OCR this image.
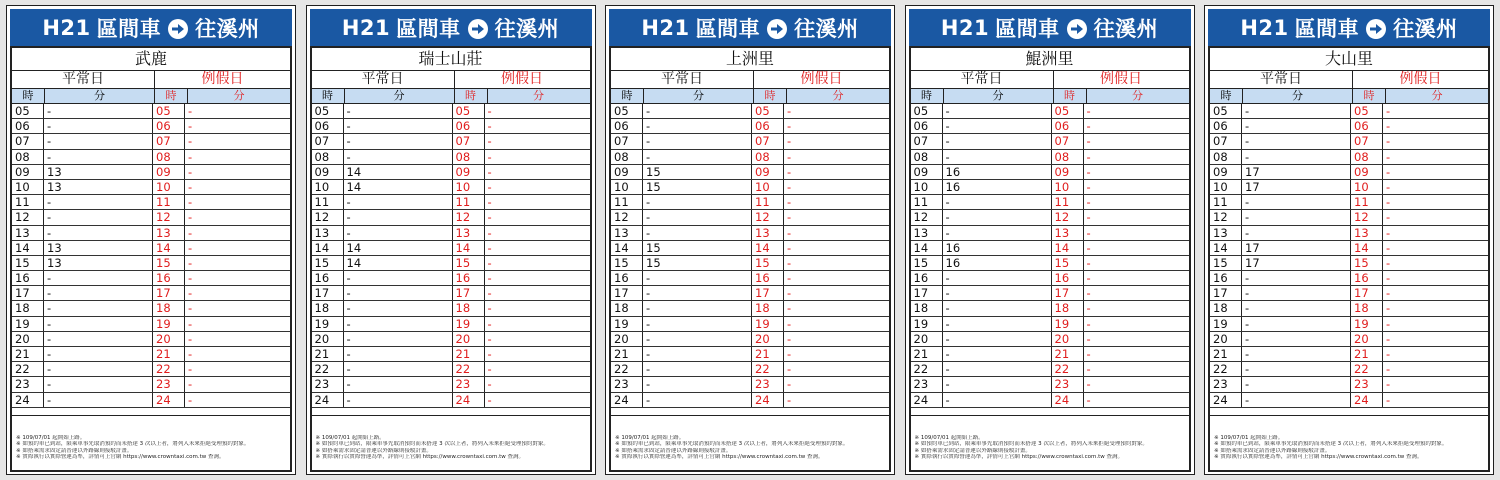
H21 區間車 往溪州
武鹿
平常日	例假日
時	分	時	分
05	-	05	-
06	-	06	-
07	-	07	-
08	-	08	-
09	13	09	-
10	13	10	-
11	-	11	-
12	-	12	-
13	-	13	-
14	13	14	-
15	13	15	-
16	-	16	-
17	-	17	-
18	-	18	-
19	-	19	-
20	-	20	-
21	-	21	-
22	-	22	-
23	-	23	-
24	-	24	-
※ 109/07/01 起開始上路。
※ 如預約車已到站，限乘車事先取消預約而未搭達 3 次以上者，將列入未來拒絕受理預約對象。
※ 如搭乘需求固定請普運以外路線則接駁計畫。
※ 實際執行以實際營運為準，詳情可上官網 https://www.crowntaxi.com.tw 查詢。
H21 區間車 往溪州
瑞士山莊
平常日	例假日
時	分	時	分
05	-	05	-
06	-	06	-
07	-	07	-
08	-	08	-
09	14	09	-
10	14	10	-
11	-	11	-
12	-	12	-
13	-	13	-
14	14	14	-
15	14	15	-
16	-	16	-
17	-	17	-
18	-	18	-
19	-	19	-
20	-	20	-
21	-	21	-
22	-	22	-
23	-	23	-
24	-	24	-
※ 109/07/01 起開始上路。
※ 如預約車已到站，限乘車事先取消預約而未搭達 3 次以上者，將列入未來拒絕受理預約對象。
※ 如搭乘需求固定請普運以外路線則接駁計畫。
※ 實際執行以實際營運為準，詳情可上官網 https://www.crowntaxi.com.tw 查詢。
H21 區間車 往溪州
上洲里
平常日	例假日
時	分	時	分
05	-	05	-
06	-	06	-
07	-	07	-
08	-	08	-
09	15	09	-
10	15	10	-
11	-	11	-
12	-	12	-
13	-	13	-
14	15	14	-
15	15	15	-
16	-	16	-
17	-	17	-
18	-	18	-
19	-	19	-
20	-	20	-
21	-	21	-
22	-	22	-
23	-	23	-
24	-	24	-
※ 109/07/01 起開始上路。
※ 如預約車已到站，限乘車事先取消預約而未搭達 3 次以上者，將列入未來拒絕受理預約對象。
※ 如搭乘需求固定請普運以外路線則接駁計畫。
※ 實際執行以實際營運為準，詳情可上官網 https://www.crowntaxi.com.tw 查詢。
H21 區間車 往溪州
鯤洲里
平常日	例假日
時	分	時	分
05	-	05	-
06	-	06	-
07	-	07	-
08	-	08	-
09	16	09	-
10	16	10	-
11	-	11	-
12	-	12	-
13	-	13	-
14	16	14	-
15	16	15	-
16	-	16	-
17	-	17	-
18	-	18	-
19	-	19	-
20	-	20	-
21	-	21	-
22	-	22	-
23	-	23	-
24	-	24	-
※ 109/07/01 起開始上路。
※ 如預約車已到站，限乘車事先取消預約而未搭達 3 次以上者，將列入未來拒絕受理預約對象。
※ 如搭乘需求固定請普運以外路線則接駁計畫。
※ 實際執行以實際營運為準，詳情可上官網 https://www.crowntaxi.com.tw 查詢。
H21 區間車 往溪州
大山里
平常日	例假日
時	分	時	分
05	-	05	-
06	-	06	-
07	-	07	-
08	-	08	-
09	17	09	-
10	17	10	-
11	-	11	-
12	-	12	-
13	-	13	-
14	17	14	-
15	17	15	-
16	-	16	-
17	-	17	-
18	-	18	-
19	-	19	-
20	-	20	-
21	-	21	-
22	-	22	-
23	-	23	-
24	-	24	-
※ 109/07/01 起開始上路。
※ 如預約車已到站，限乘車事先取消預約而未搭達 3 次以上者，將列入未來拒絕受理預約對象。
※ 如搭乘需求固定請普運以外路線則接駁計畫。
※ 實際執行以實際營運為準，詳情可上官網 https://www.crowntaxi.com.tw 查詢。
